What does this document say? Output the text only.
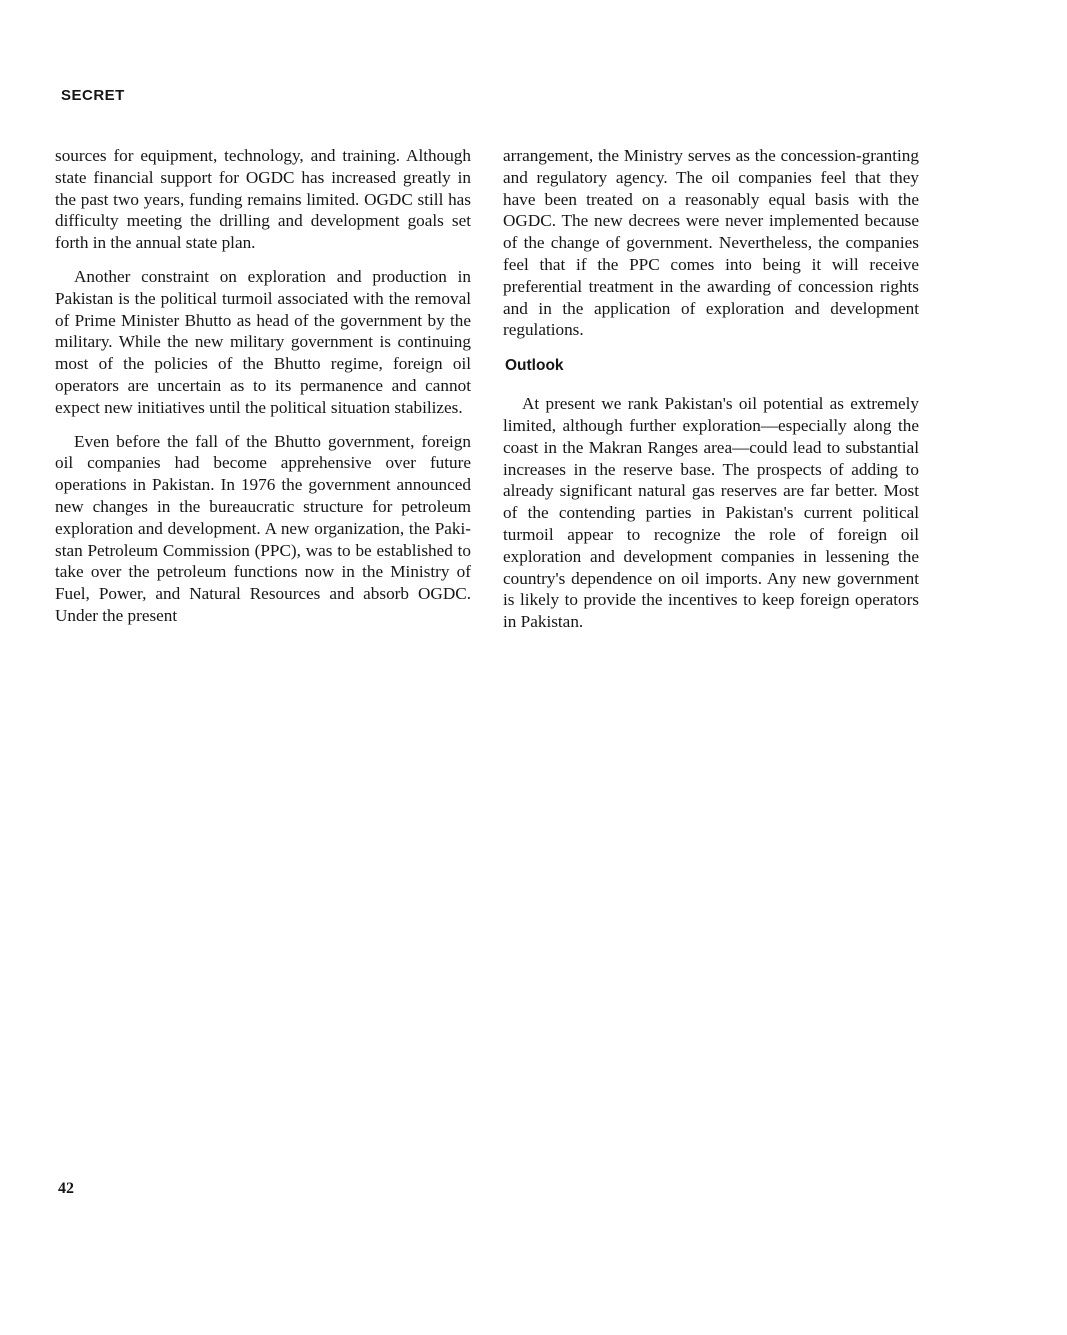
SECRET

sources for equipment, technology, and training. Although state financial support for OGDC has increased greatly in the past two years, funding remains limited. OGDC still has difficulty meeting the drilling and development goals set forth in the annual state plan.

Another constraint on exploration and production in Pakistan is the political turmoil associated with the removal of Prime Minister Bhutto as head of the government by the military. While the new military government is continuing most of the policies of the Bhutto regime, foreign oil operators are uncertain as to its permanence and cannot expect new initiatives until the political situation stabilizes.

Even before the fall of the Bhutto government, foreign oil companies had become apprehensive over future operations in Pakistan. In 1976 the government announced new changes in the bureaucratic structure for petroleum exploration and development. A new organization, the Pakistan Petroleum Commission (PPC), was to be established to take over the petroleum functions now in the Ministry of Fuel, Power, and Natural Resources and absorb OGDC. Under the present

arrangement, the Ministry serves as the concession-granting and regulatory agency. The oil companies feel that they have been treated on a reasonably equal basis with the OGDC. The new decrees were never implemented because of the change of government. Nevertheless, the companies feel that if the PPC comes into being it will receive preferential treatment in the awarding of concession rights and in the application of exploration and development regulations.

Outlook

At present we rank Pakistan's oil potential as extremely limited, although further exploration—especially along the coast in the Makran Ranges area—could lead to substantial increases in the reserve base. The prospects of adding to already significant natural gas reserves are far better. Most of the contending parties in Pakistan's current political turmoil appear to recognize the role of foreign oil exploration and development companies in lessening the country's dependence on oil imports. Any new government is likely to provide the incentives to keep foreign operators in Pakistan.

42
